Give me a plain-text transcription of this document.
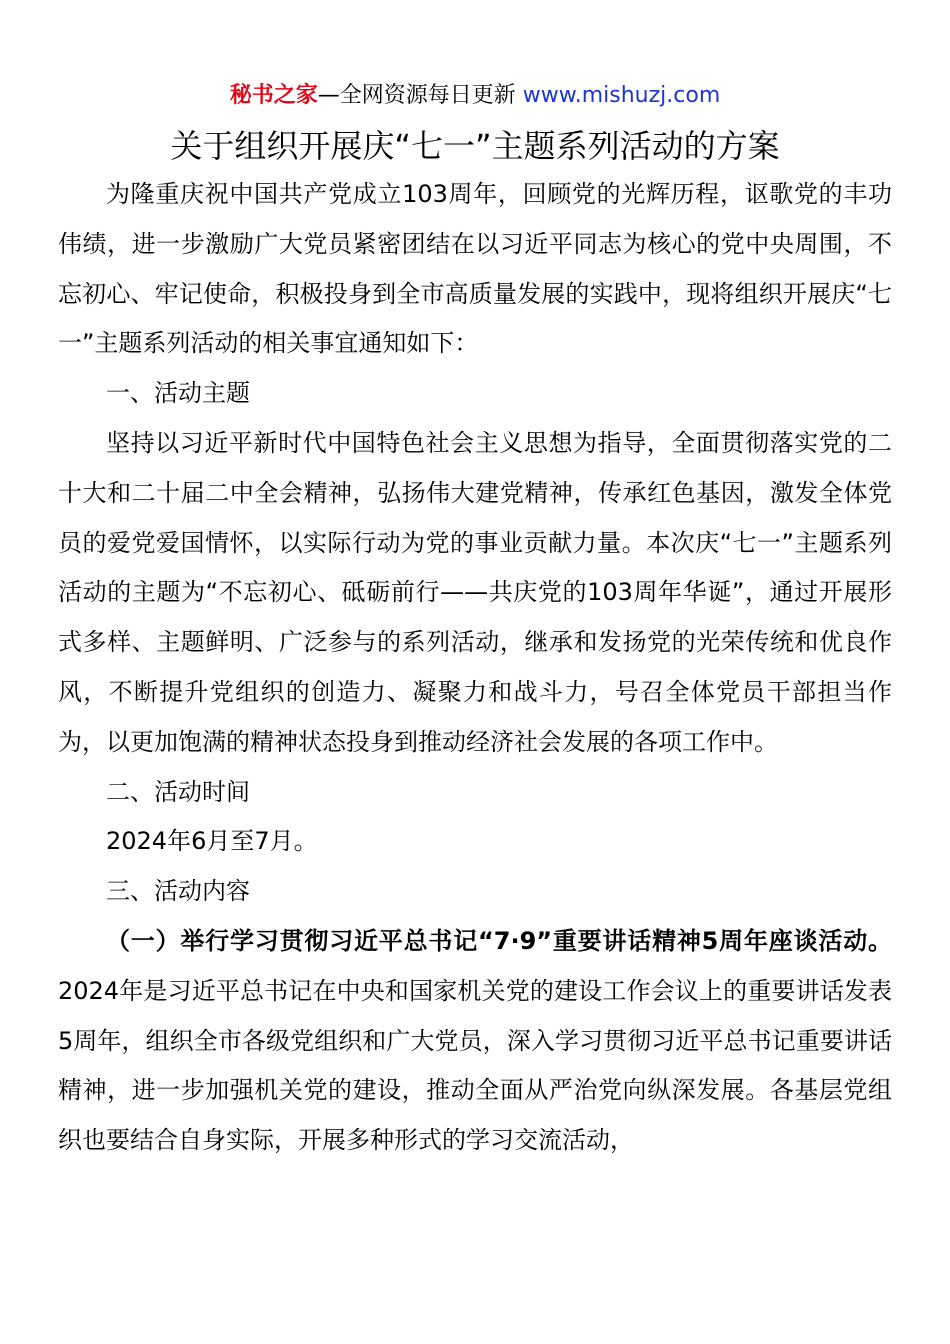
秘书之家—全网资源每日更新 www.mishuzj.com
关于组织开展庆“七一”主题系列活动的方案

为隆重庆祝中国共产党成立103周年，回顾党的光辉历程，讴歌党的丰功伟绩，进一步激励广大党员紧密团结在以习近平同志为核心的党中央周围，不忘初心、牢记使命，积极投身到全市高质量发展的实践中，现将组织开展庆“七一”主题系列活动的相关事宜通知如下：

一、活动主题

坚持以习近平新时代中国特色社会主义思想为指导，全面贯彻落实党的二十大和二十届二中全会精神，弘扬伟大建党精神，传承红色基因，激发全体党员的爱党爱国情怀，以实际行动为党的事业贡献力量。本次庆“七一”主题系列活动的主题为“不忘初心、砥砺前行——共庆党的103周年华诞”，通过开展形式多样、主题鲜明、广泛参与的系列活动，继承和发扬党的光荣传统和优良作风，不断提升党组织的创造力、凝聚力和战斗力，号召全体党员干部担当作为，以更加饱满的精神状态投身到推动经济社会发展的各项工作中。

二、活动时间

2024年6月至7月。

三、活动内容

（一）举行学习贯彻习近平总书记“7·9”重要讲话精神5周年座谈活动。2024年是习近平总书记在中央和国家机关党的建设工作会议上的重要讲话发表5周年，组织全市各级党组织和广大党员，深入学习贯彻习近平总书记重要讲话精神，进一步加强机关党的建设，推动全面从严治党向纵深发展。各基层党组织也要结合自身实际，开展多种形式的学习交流活动，
